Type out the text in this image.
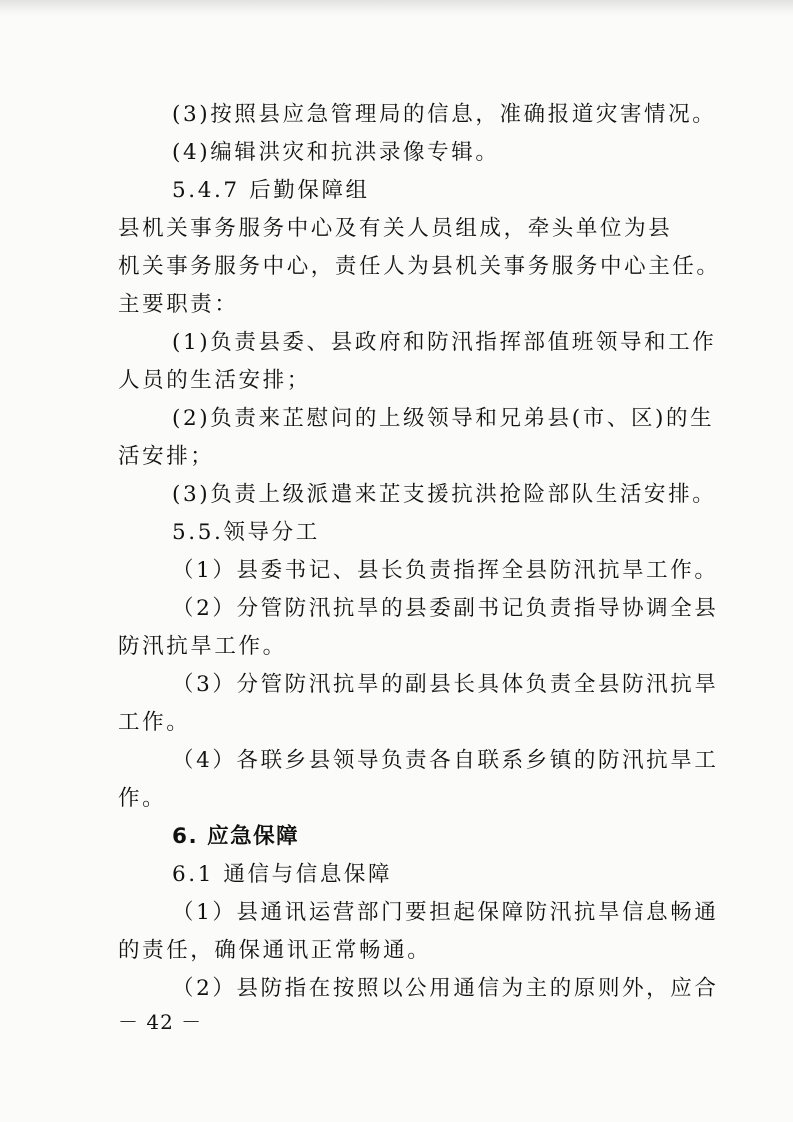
(3)按照县应急管理局的信息，准确报道灾害情况。
(4)编辑洪灾和抗洪录像专辑。
5.4.7 后勤保障组
县机关事务服务中心及有关人员组成，牵头单位为县
机关事务服务中心，责任人为县机关事务服务中心主任。
主要职责：
(1)负责县委、县政府和防汛指挥部值班领导和工作
人员的生活安排；
(2)负责来芷慰问的上级领导和兄弟县(市、区)的生
活安排；
(3)负责上级派遣来芷支援抗洪抢险部队生活安排。
5.5.领导分工
（1）县委书记、县长负责指挥全县防汛抗旱工作。
（2）分管防汛抗旱的县委副书记负责指导协调全县
防汛抗旱工作。
（3）分管防汛抗旱的副县长具体负责全县防汛抗旱
工作。
（4）各联乡县领导负责各自联系乡镇的防汛抗旱工
作。
6. 应急保障
6.1 通信与信息保障
（1）县通讯运营部门要担起保障防汛抗旱信息畅通
的责任，确保通讯正常畅通。
（2）县防指在按照以公用通信为主的原则外，应合
－ 42 －
